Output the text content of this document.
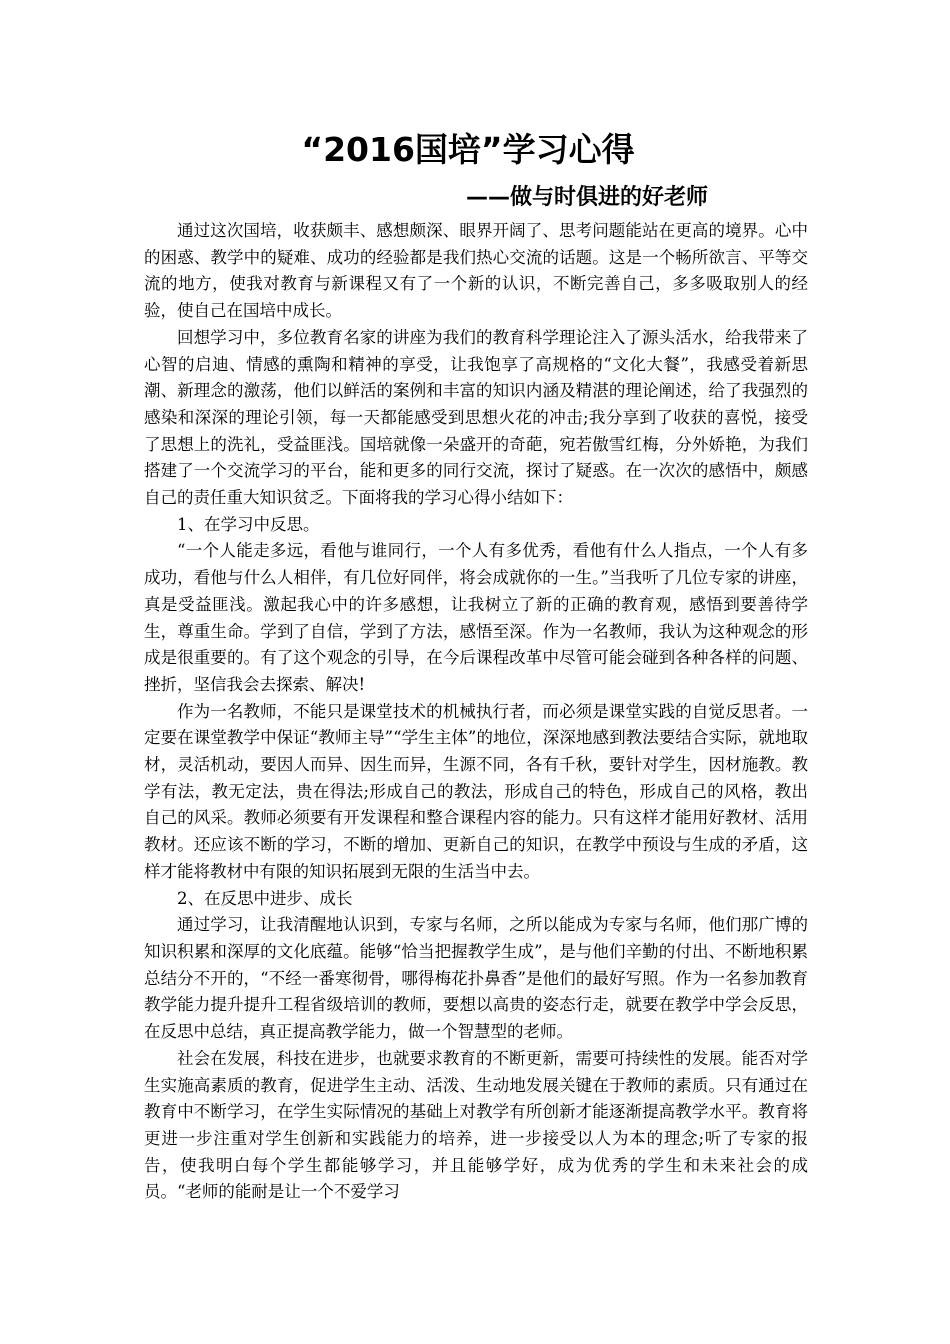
“2016国培”学习心得
——做与时俱进的好老师

通过这次国培，收获颇丰、感想颇深、眼界开阔了、思考问题能站在更高的境界。心中的困惑、教学中的疑难、成功的经验都是我们热心交流的话题。这是一个畅所欲言、平等交流的地方，使我对教育与新课程又有了一个新的认识，不断完善自己，多多吸取别人的经验，使自己在国培中成长。

回想学习中，多位教育名家的讲座为我们的教育科学理论注入了源头活水，给我带来了心智的启迪、情感的熏陶和精神的享受，让我饱享了高规格的“文化大餐”，我感受着新思潮、新理念的激荡，他们以鲜活的案例和丰富的知识内涵及精湛的理论阐述，给了我强烈的感染和深深的理论引领，每一天都能感受到思想火花的冲击;我分享到了收获的喜悦，接受了思想上的洗礼，受益匪浅。国培就像一朵盛开的奇葩，宛若傲雪红梅，分外娇艳，为我们搭建了一个交流学习的平台，能和更多的同行交流，探讨了疑惑。在一次次的感悟中，颇感自己的责任重大知识贫乏。下面将我的学习心得小结如下：

1、在学习中反思。

“一个人能走多远，看他与谁同行，一个人有多优秀，看他有什么人指点，一个人有多成功，看他与什么人相伴，有几位好同伴，将会成就你的一生。”当我听了几位专家的讲座，真是受益匪浅。激起我心中的许多感想，让我树立了新的正确的教育观，感悟到要善待学生，尊重生命。学到了自信，学到了方法，感悟至深。作为一名教师，我认为这种观念的形成是很重要的。有了这个观念的引导，在今后课程改革中尽管可能会碰到各种各样的问题、挫折，坚信我会去探索、解决!

作为一名教师，不能只是课堂技术的机械执行者，而必须是课堂实践的自觉反思者。一定要在课堂教学中保证“教师主导”“学生主体”的地位，深深地感到教法要结合实际，就地取材，灵活机动，要因人而异、因生而异，生源不同，各有千秋，要针对学生，因材施教。教学有法，教无定法，贵在得法;形成自己的教法，形成自己的特色，形成自己的风格，教出自己的风采。教师必须要有开发课程和整合课程内容的能力。只有这样才能用好教材、活用教材。还应该不断的学习，不断的增加、更新自己的知识，在教学中预设与生成的矛盾，这样才能将教材中有限的知识拓展到无限的生活当中去。

2、在反思中进步、成长

通过学习，让我清醒地认识到，专家与名师，之所以能成为专家与名师，他们那广博的知识积累和深厚的文化底蕴。能够“恰当把握教学生成”，是与他们辛勤的付出、不断地积累总结分不开的，“不经一番寒彻骨，哪得梅花扑鼻香”是他们的最好写照。作为一名参加教育教学能力提升提升工程省级培训的教师，要想以高贵的姿态行走，就要在教学中学会反思，在反思中总结，真正提高教学能力，做一个智慧型的老师。

社会在发展，科技在进步，也就要求教育的不断更新，需要可持续性的发展。能否对学生实施高素质的教育，促进学生主动、活泼、生动地发展关键在于教师的素质。只有通过在教育中不断学习，在学生实际情况的基础上对教学有所创新才能逐渐提高教学水平。教育将更进一步注重对学生创新和实践能力的培养，进一步接受以人为本的理念;听了专家的报告，使我明白每个学生都能够学习，并且能够学好，成为优秀的学生和未来社会的成员。“老师的能耐是让一个不爱学习
